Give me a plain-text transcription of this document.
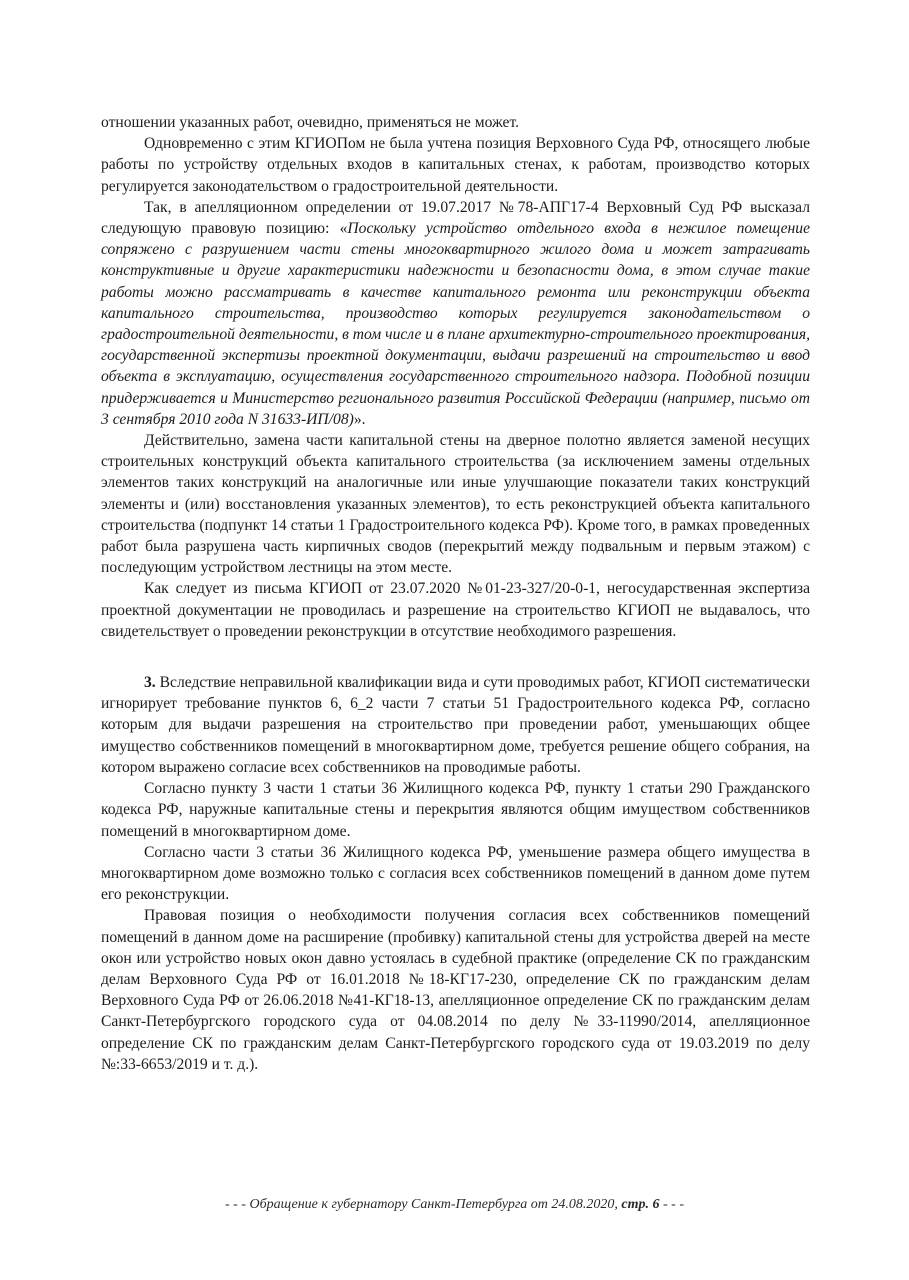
отношении указанных работ, очевидно, применяться не может.

Одновременно с этим КГИОПом не была учтена позиция Верховного Суда РФ, относящего любые работы по устройству отдельных входов в капитальных стенах, к работам, производство которых регулируется законодательством о градостроительной деятельности.

Так, в апелляционном определении от 19.07.2017 №78-АПГ17-4 Верховный Суд РФ высказал следующую правовую позицию: «Поскольку устройство отдельного входа в нежилое помещение сопряжено с разрушением части стены многоквартирного жилого дома и может затрагивать конструктивные и другие характеристики надежности и безопасности дома, в этом случае такие работы можно рассматривать в качестве капитального ремонта или реконструкции объекта капитального строительства, производство которых регулируется законодательством о градостроительной деятельности, в том числе и в плане архитектурно-строительного проектирования, государственной экспертизы проектной документации, выдачи разрешений на строительство и ввод объекта в эксплуатацию, осуществления государственного строительного надзора. Подобной позиции придерживается и Министерство регионального развития Российской Федерации (например, письмо от 3 сентября 2010 года N 31633-ИП/08)».

Действительно, замена части капитальной стены на дверное полотно является заменой несущих строительных конструкций объекта капитального строительства (за исключением замены отдельных элементов таких конструкций на аналогичные или иные улучшающие показатели таких конструкций элементы и (или) восстановления указанных элементов), то есть реконструкцией объекта капитального строительства (подпункт 14 статьи 1 Градостроительного кодекса РФ). Кроме того, в рамках проведенных работ была разрушена часть кирпичных сводов (перекрытий между подвальным и первым этажом) с последующим устройством лестницы на этом месте.

Как следует из письма КГИОП от 23.07.2020 №01-23-327/20-0-1, негосударственная экспертиза проектной документации не проводилась и разрешение на строительство КГИОП не выдавалось, что свидетельствует о проведении реконструкции в отсутствие необходимого разрешения.

3. Вследствие неправильной квалификации вида и сути проводимых работ, КГИОП систематически игнорирует требование пунктов 6, 6_2 части 7 статьи 51 Градостроительного кодекса РФ, согласно которым для выдачи разрешения на строительство при проведении работ, уменьшающих общее имущество собственников помещений в многоквартирном доме, требуется решение общего собрания, на котором выражено согласие всех собственников на проводимые работы.

Согласно пункту 3 части 1 статьи 36 Жилищного кодекса РФ, пункту 1 статьи 290 Гражданского кодекса РФ, наружные капитальные стены и перекрытия являются общим имуществом собственников помещений в многоквартирном доме.

Согласно части 3 статьи 36 Жилищного кодекса РФ, уменьшение размера общего имущества в многоквартирном доме возможно только с согласия всех собственников помещений в данном доме путем его реконструкции.

Правовая позиция о необходимости получения согласия всех собственников помещений помещений в данном доме на расширение (пробивку) капитальной стены для устройства дверей на месте окон или устройство новых окон давно устоялась в судебной практике (определение СК по гражданским делам Верховного Суда РФ от 16.01.2018 №18-КГ17-230, определение СК по гражданским делам Верховного Суда РФ от 26.06.2018 №41-КГ18-13, апелляционное определение СК по гражданским делам Санкт-Петербургского городского суда от 04.08.2014 по делу №33-11990/2014, апелляционное определение СК по гражданским делам Санкт-Петербургского городского суда от 19.03.2019 по делу №:33-6653/2019 и т. д.).

- - - Обращение к губернатору Санкт-Петербурга от 24.08.2020, стр. 6 - - -
